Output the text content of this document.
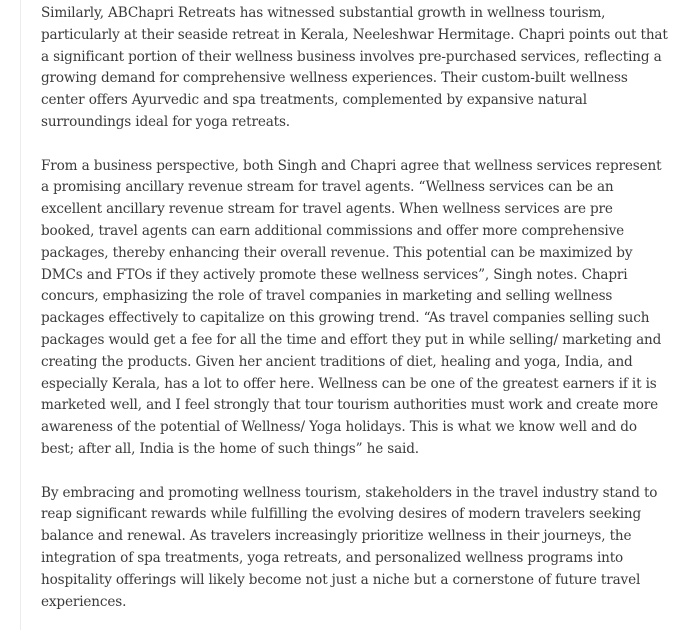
Similarly, ABChapri Retreats has witnessed substantial growth in wellness tourism, particularly at their seaside retreat in Kerala, Neeleshwar Hermitage. Chapri points out that a significant portion of their wellness business involves pre-purchased services, reflecting a growing demand for comprehensive wellness experiences. Their custom-built wellness center offers Ayurvedic and spa treatments, complemented by expansive natural surroundings ideal for yoga retreats.

From a business perspective, both Singh and Chapri agree that wellness services represent a promising ancillary revenue stream for travel agents. “Wellness services can be an excellent ancillary revenue stream for travel agents. When wellness services are pre booked, travel agents can earn additional commissions and offer more comprehensive packages, thereby enhancing their overall revenue. This potential can be maximized by DMCs and FTOs if they actively promote these wellness services”, Singh notes. Chapri concurs, emphasizing the role of travel companies in marketing and selling wellness packages effectively to capitalize on this growing trend. “As travel companies selling such packages would get a fee for all the time and effort they put in while selling/ marketing and creating the products. Given her ancient traditions of diet, healing and yoga, India, and especially Kerala, has a lot to offer here. Wellness can be one of the greatest earners if it is marketed well, and I feel strongly that tour tourism authorities must work and create more awareness of the potential of Wellness/ Yoga holidays. This is what we know well and do best; after all, India is the home of such things” he said.

By embracing and promoting wellness tourism, stakeholders in the travel industry stand to reap significant rewards while fulfilling the evolving desires of modern travelers seeking balance and renewal. As travelers increasingly prioritize wellness in their journeys, the integration of spa treatments, yoga retreats, and personalized wellness programs into hospitality offerings will likely become not just a niche but a cornerstone of future travel experiences.
